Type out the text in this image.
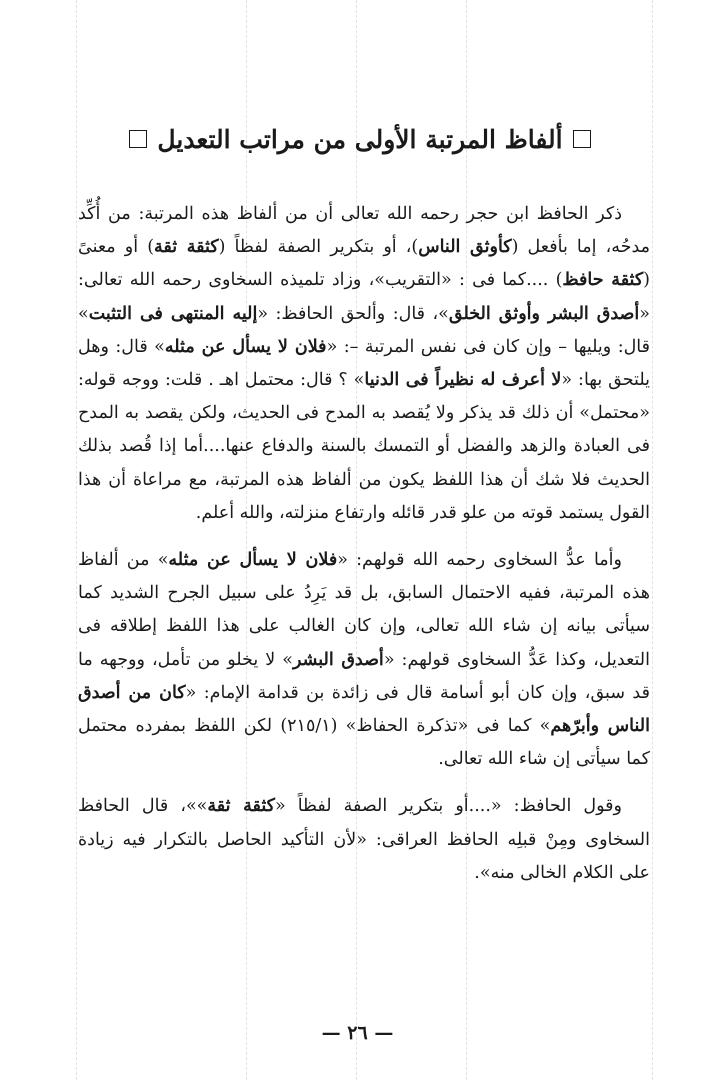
ألفاظ المرتبة الأولى من مراتب التعديل

ذكر الحافظ ابن حجر رحمه الله تعالى أن من ألفاظ هذه المرتبة: من أُكِّد مدحُه، إما بأفعل (كأوثق الناس)، أو بتكرير الصفة لفظاً (كثقة ثقة) أو معنىً (كثقة حافظ) ....كما فى : «التقريب»، وزاد تلميذه السخاوى رحمه الله تعالى: «أصدق البشر وأوثق الخلق»، قال: وألحق الحافظ: «إليه المنتهى فى التثبت» قال: ويليها – وإن كان فى نفس المرتبة –: «فلان لا يسأل عن مثله» قال: وهل يلتحق بها: «لا أعرف له نظيراً فى الدنيا» ؟ قال: محتمل اهـ . قلت: ووجه قوله: «محتمل» أن ذلك قد يذكر ولا يُقصد به المدح فى الحديث، ولكن يقصد به المدح فى العبادة والزهد والفضل أو التمسك بالسنة والدفاع عنها....أما إذا قُصد بذلك الحديث فلا شك أن هذا اللفظ يكون من ألفاظ هذه المرتبة، مع مراعاة أن هذا القول يستمد قوته من علو قدر قائله وارتفاع منزلته، والله أعلم.

وأما عدُّ السخاوى رحمه الله قولهم: «فلان لا يسأل عن مثله» من ألفاظ هذه المرتبة، ففيه الاحتمال السابق، بل قد يَرِدُ على سبيل الجرح الشديد كما سيأتى بيانه إن شاء الله تعالى، وإن كان الغالب على هذا اللفظ إطلاقه فى التعديل، وكذا عَدُّ السخاوى قولهم: «أصدق البشر» لا يخلو من تأمل، ووجهه ما قد سبق، وإن كان أبو أسامة قال فى زائدة بن قدامة الإمام: «كان من أصدق الناس وأبرّهم» كما فى «تذكرة الحفاظ» (٢١٥/١) لكن اللفظ بمفرده محتمل كما سيأتى إن شاء الله تعالى.

وقول الحافظ: «....أو بتكرير الصفة لفظاً «كثقة ثقة»»، قال الحافظ السخاوى ومِنْ قبلِه الحافظ العراقى: «لأن التأكيد الحاصل بالتكرار فيه زيادة على الكلام الخالى منه».

— ٢٦ —
